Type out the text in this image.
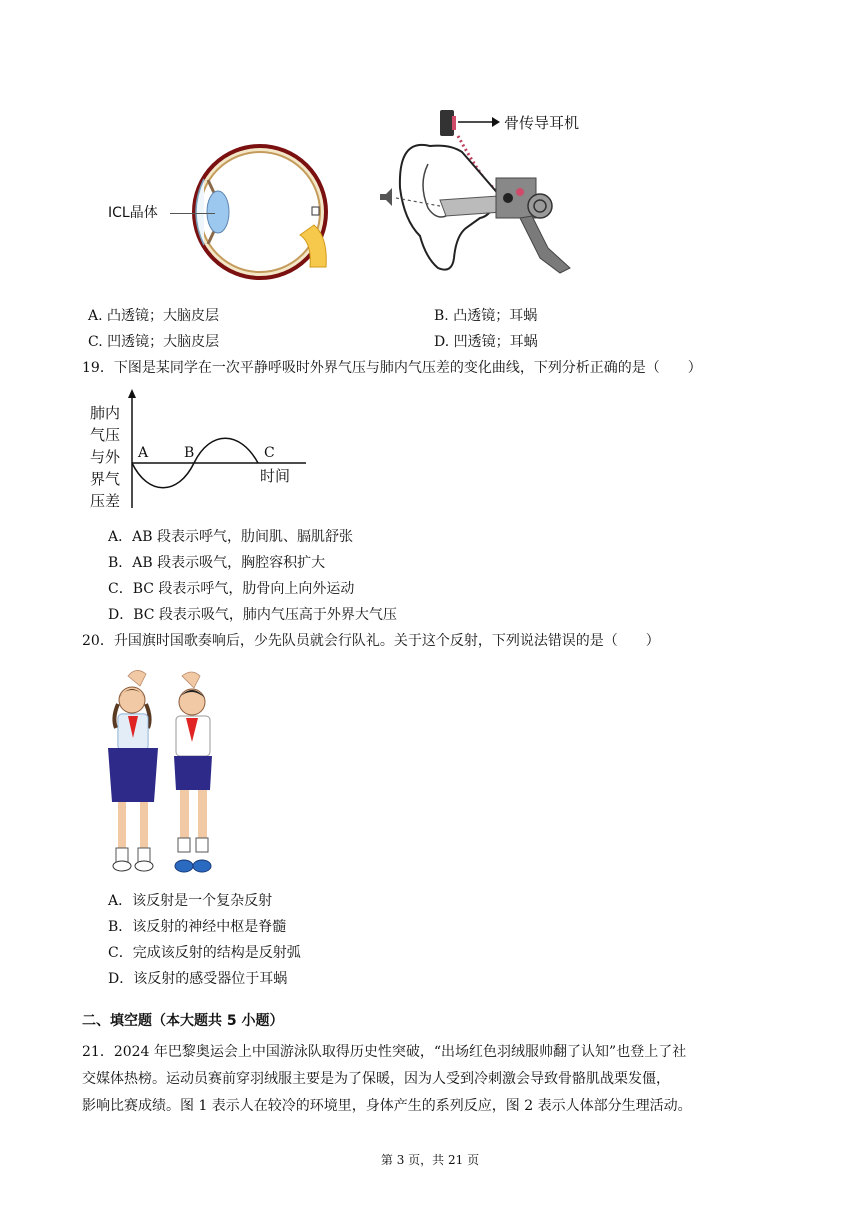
ICL晶体
骨传导耳机
A. 凸透镜；大脑皮层	B. 凸透镜；耳蜗
C. 凹透镜；大脑皮层	D. 凹透镜；耳蜗
19．下图是某同学在一次平静呼吸时外界气压与肺内气压差的变化曲线，下列分析正确的是（　　）
肺内
气压
与外
界气
压差
A	B	C
时间
A．AB 段表示呼气，肋间肌、膈肌舒张
B．AB 段表示吸气，胸腔容积扩大
C．BC 段表示呼气，肋骨向上向外运动
D．BC 段表示吸气，肺内气压高于外界大气压
20．升国旗时国歌奏响后，少先队员就会行队礼。关于这个反射，下列说法错误的是（　　）
A．该反射是一个复杂反射
B．该反射的神经中枢是脊髓
C．完成该反射的结构是反射弧
D．该反射的感受器位于耳蜗
二、填空题（本大题共 5 小题）
21．2024 年巴黎奥运会上中国游泳队取得历史性突破，“出场红色羽绒服帅翻了认知”也登上了社
交媒体热榜。运动员赛前穿羽绒服主要是为了保暖，因为人受到冷刺激会导致骨骼肌战栗发僵，
影响比赛成绩。图 1 表示人在较冷的环境里，身体产生的系列反应，图 2 表示人体部分生理活动。
第 3 页，共 21 页
